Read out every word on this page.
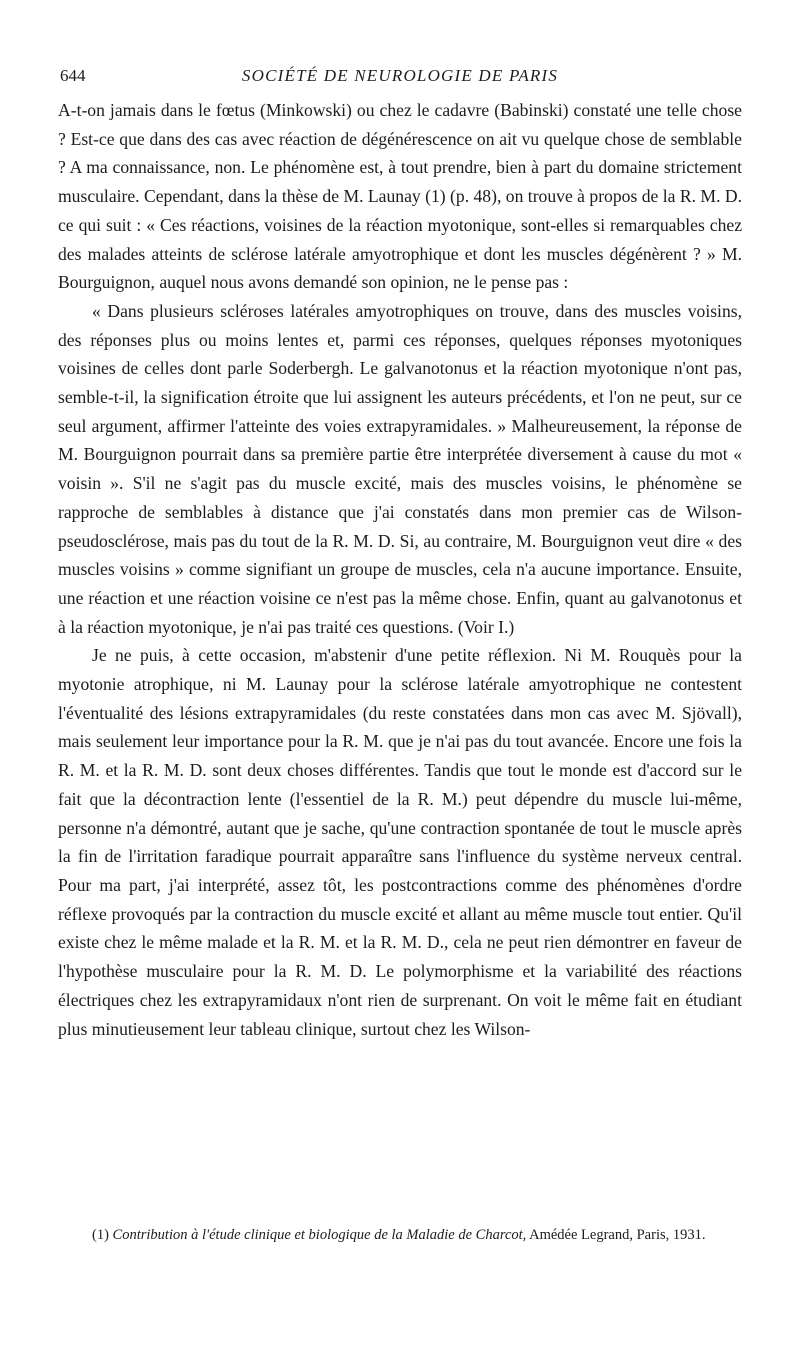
644	SOCIÉTÉ DE NEUROLOGIE DE PARIS

A-t-on jamais dans le fœtus (Minkowski) ou chez le cadavre (Babinski) constaté une telle chose ? Est-ce que dans des cas avec réaction de dégénérescence on ait vu quelque chose de semblable ? A ma connaissance, non. Le phénomène est, à tout prendre, bien à part du domaine strictement musculaire. Cependant, dans la thèse de M. Launay (1) (p. 48), on trouve à propos de la R. M. D. ce qui suit : « Ces réactions, voisines de la réaction myotonique, sont-elles si remarquables chez des malades atteints de sclérose latérale amyotrophique et dont les muscles dégénèrent ? » M. Bourguignon, auquel nous avons demandé son opinion, ne le pense pas :

« Dans plusieurs scléroses latérales amyotrophiques on trouve, dans des muscles voisins, des réponses plus ou moins lentes et, parmi ces réponses, quelques réponses myotoniques voisines de celles dont parle Soderbergh. Le galvanotonus et la réaction myotonique n'ont pas, semble-t-il, la signification étroite que lui assignent les auteurs précédents, et l'on ne peut, sur ce seul argument, affirmer l'atteinte des voies extrapyramidales. » Malheureusement, la réponse de M. Bourguignon pourrait dans sa première partie être interprétée diversement à cause du mot « voisin ». S'il ne s'agit pas du muscle excité, mais des muscles voisins, le phénomène se rapproche de semblables à distance que j'ai constatés dans mon premier cas de Wilson-pseudosclérose, mais pas du tout de la R. M. D. Si, au contraire, M. Bourguignon veut dire « des muscles voisins » comme signifiant un groupe de muscles, cela n'a aucune importance. Ensuite, une réaction et une réaction voisine ce n'est pas la même chose. Enfin, quant au galvanotonus et à la réaction myotonique, je n'ai pas traité ces questions. (Voir I.)

Je ne puis, à cette occasion, m'abstenir d'une petite réflexion. Ni M. Rouquès pour la myotonie atrophique, ni M. Launay pour la sclérose latérale amyotrophique ne contestent l'éventualité des lésions extrapyramidales (du reste constatées dans mon cas avec M. Sjövall), mais seulement leur importance pour la R. M. que je n'ai pas du tout avancée. Encore une fois la R. M. et la R. M. D. sont deux choses différentes. Tandis que tout le monde est d'accord sur le fait que la décontraction lente (l'essentiel de la R. M.) peut dépendre du muscle lui-même, personne n'a démontré, autant que je sache, qu'une contraction spontanée de tout le muscle après la fin de l'irritation faradique pourrait apparaître sans l'influence du système nerveux central. Pour ma part, j'ai interprété, assez tôt, les postcontractions comme des phénomènes d'ordre réflexe provoqués par la contraction du muscle excité et allant au même muscle tout entier. Qu'il existe chez le même malade et la R. M. et la R. M. D., cela ne peut rien démontrer en faveur de l'hypothèse musculaire pour la R. M. D. Le polymorphisme et la variabilité des réactions électriques chez les extrapyramidaux n'ont rien de surprenant. On voit le même fait en étudiant plus minutieusement leur tableau clinique, surtout chez les Wilson-

(1) Contribution à l'étude clinique et biologique de la Maladie de Charcot, Amédée Legrand, Paris, 1931.
